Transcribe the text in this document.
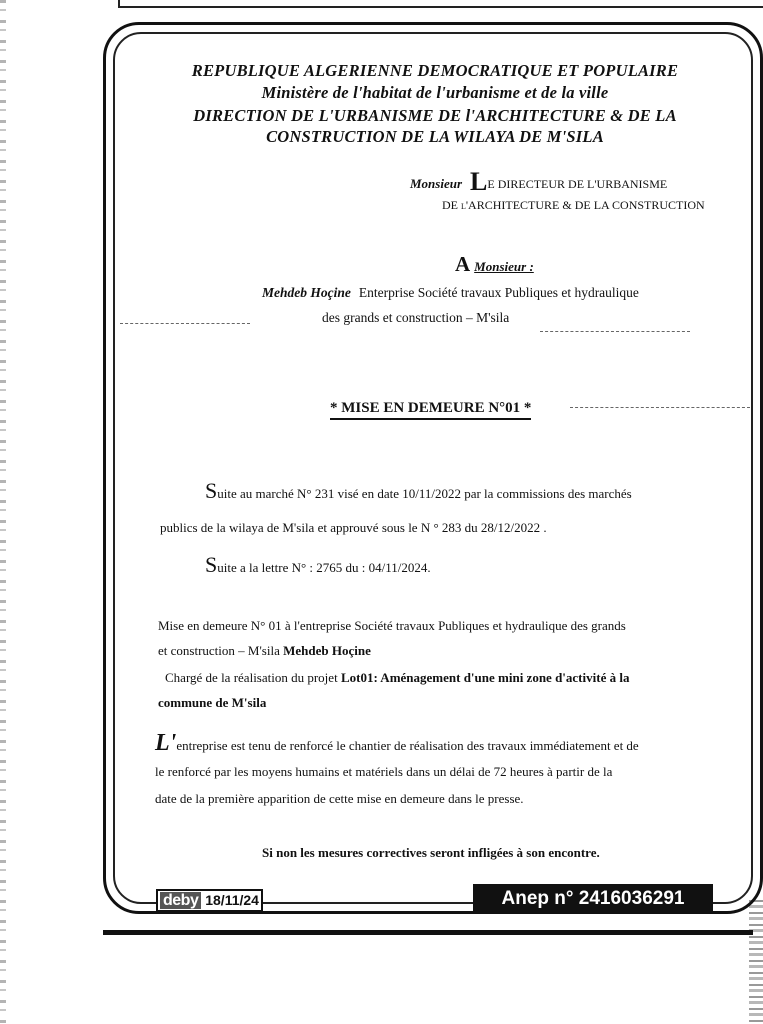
REPUBLIQUE ALGERIENNE DEMOCRATIQUE ET POPULAIRE
Ministère de l'habitat de l'urbanisme et de la ville
DIRECTION DE L'URBANISME DE l'ARCHITECTURE & DE LA
CONSTRUCTION DE LA WILAYA DE M'SILA
Monsieur LE DIRECTEUR DE L'URBANISME
DE l'ARCHITECTURE & DE LA CONSTRUCTION
A Monsieur :
Mehdeb Hoçine Enterprise Société travaux Publiques et hydraulique
des grands et construction – M'sila
* MISE EN DEMEURE N°01 *
Suite au marché N° 231 visé en date 10/11/2022 par la commissions des marchés
publics de la wilaya de M'sila et approuvé sous le N ° 283 du 28/12/2022 .
Suite a la lettre N° : 2765 du : 04/11/2024.
Mise en demeure N° 01 à l'entreprise Société travaux Publiques et hydraulique des grands
et construction – M'sila Mehdeb Hoçine
Chargé de la réalisation du projet Lot01: Aménagement d'une mini zone d'activité à la
commune de M'sila
L'entreprise est tenu de renforcé le chantier de réalisation des travaux immédiatement et de
le renforcé par les moyens humains et matériels dans un délai de 72 heures à partir de la
date de la première apparition de cette mise en demeure dans le presse.
Si non les mesures correctives seront infligées à son encontre.
deby 18/11/24	Anep n° 2416036291
